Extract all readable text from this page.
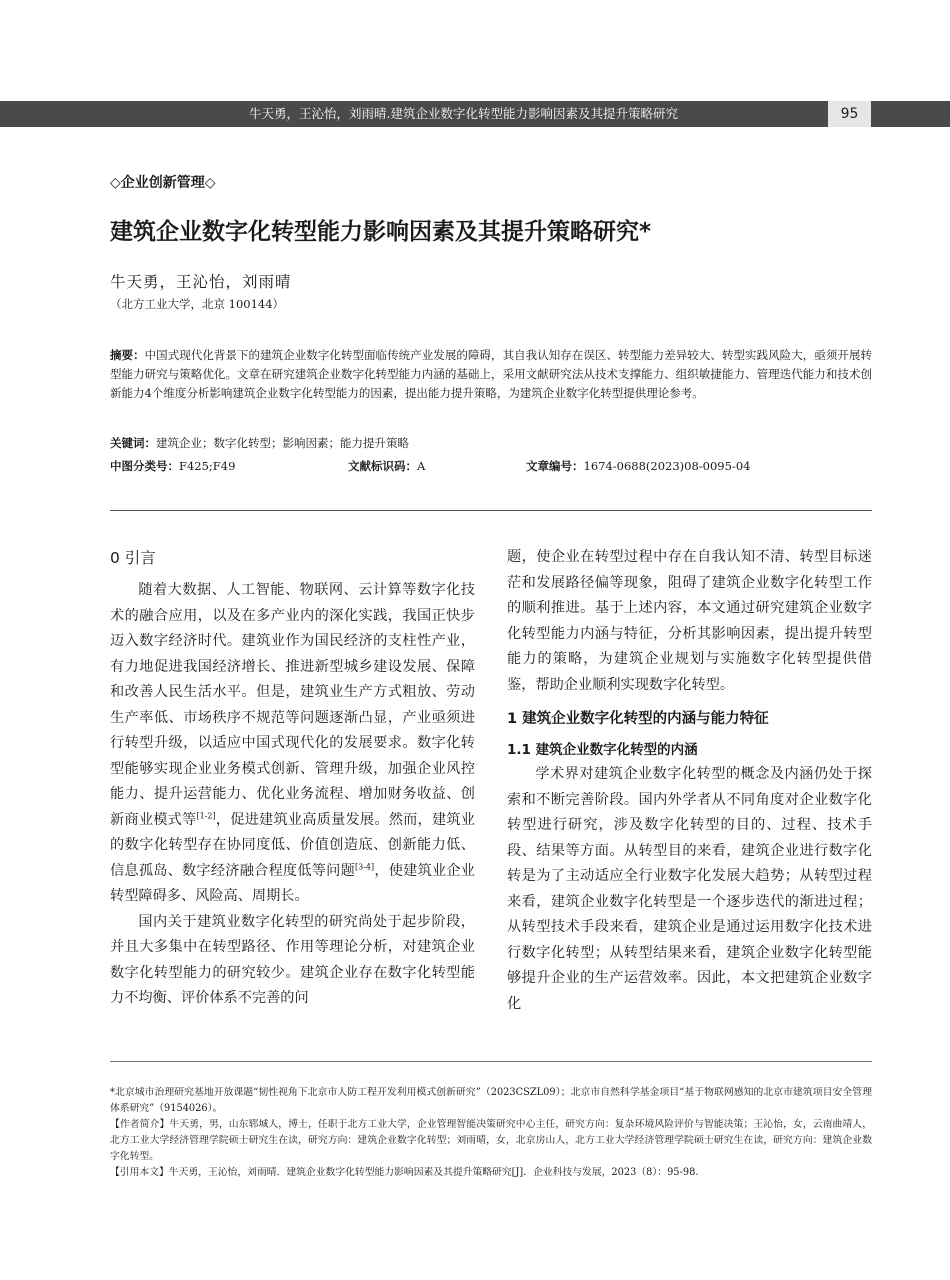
牛天勇，王沁怡，刘雨晴.建筑企业数字化转型能力影响因素及其提升策略研究	95
◇企业创新管理◇
建筑企业数字化转型能力影响因素及其提升策略研究*
牛天勇，王沁怡，刘雨晴
（北方工业大学，北京 100144）
摘要：中国式现代化背景下的建筑企业数字化转型面临传统产业发展的障碍，其自我认知存在误区、转型能力差异较大、转型实践风险大，亟须开展转型能力研究与策略优化。文章在研究建筑企业数字化转型能力内涵的基础上，采用文献研究法从技术支撑能力、组织敏捷能力、管理迭代能力和技术创新能力4个维度分析影响建筑企业数字化转型能力的因素，提出能力提升策略，为建筑企业数字化转型提供理论参考。
关键词：建筑企业；数字化转型；影响因素；能力提升策略
中图分类号：F425;F49	文献标识码：A	文章编号：1674-0688(2023)08-0095-04
0 引言

随着大数据、人工智能、物联网、云计算等数字化技术的融合应用，以及在多产业内的深化实践，我国正快步迈入数字经济时代。建筑业作为国民经济的支柱性产业，有力地促进我国经济增长、推进新型城乡建设发展、保障和改善人民生活水平。但是，建筑业生产方式粗放、劳动生产率低、市场秩序不规范等问题逐渐凸显，产业亟须进行转型升级，以适应中国式现代化的发展要求。数字化转型能够实现企业业务模式创新、管理升级，加强企业风控能力、提升运营能力、优化业务流程、增加财务收益、创新商业模式等[1-2]，促进建筑业高质量发展。然而，建筑业的数字化转型存在协同度低、价值创造底、创新能力低、信息孤岛、数字经济融合程度低等问题[3-4]，使建筑业企业转型障碍多、风险高、周期长。

国内关于建筑业数字化转型的研究尚处于起步阶段，并且大多集中在转型路径、作用等理论分析，对建筑企业数字化转型能力的研究较少。建筑企业存在数字化转型能力不均衡、评价体系不完善的问

题，使企业在转型过程中存在自我认知不清、转型目标迷茫和发展路径偏等现象，阻碍了建筑企业数字化转型工作的顺利推进。基于上述内容，本文通过研究建筑企业数字化转型能力内涵与特征，分析其影响因素，提出提升转型能力的策略，为建筑企业规划与实施数字化转型提供借鉴，帮助企业顺利实现数字化转型。

1 建筑企业数字化转型的内涵与能力特征
1.1 建筑企业数字化转型的内涵

学术界对建筑企业数字化转型的概念及内涵仍处于探索和不断完善阶段。国内外学者从不同角度对企业数字化转型进行研究，涉及数字化转型的目的、过程、技术手段、结果等方面。从转型目的来看，建筑企业进行数字化转是为了主动适应全行业数字化发展大趋势；从转型过程来看，建筑企业数字化转型是一个逐步迭代的渐进过程；从转型技术手段来看，建筑企业是通过运用数字化技术进行数字化转型；从转型结果来看，建筑企业数字化转型能够提升企业的生产运营效率。因此，本文把建筑企业数字化

*北京城市治理研究基地开放课题“韧性视角下北京市人防工程开发利用模式创新研究”（2023CSZL09）；北京市自然科学基金项目“基于物联网感知的北京市建筑项目安全管理体系研究”（9154026）。

【作者简介】牛天勇，男，山东郓城人，博士，任职于北方工业大学，企业管理智能决策研究中心主任，研究方向：复杂环境风险评价与智能决策；王沁怡，女，云南曲靖人，北方工业大学经济管理学院硕士研究生在读，研究方向：建筑企业数字化转型；刘雨晴，女，北京房山人，北方工业大学经济管理学院硕士研究生在读，研究方向：建筑企业数字化转型。

【引用本文】牛天勇，王沁怡，刘雨晴．建筑企业数字化转型能力影响因素及其提升策略研究[J]．企业科技与发展，2023（8）：95-98.
